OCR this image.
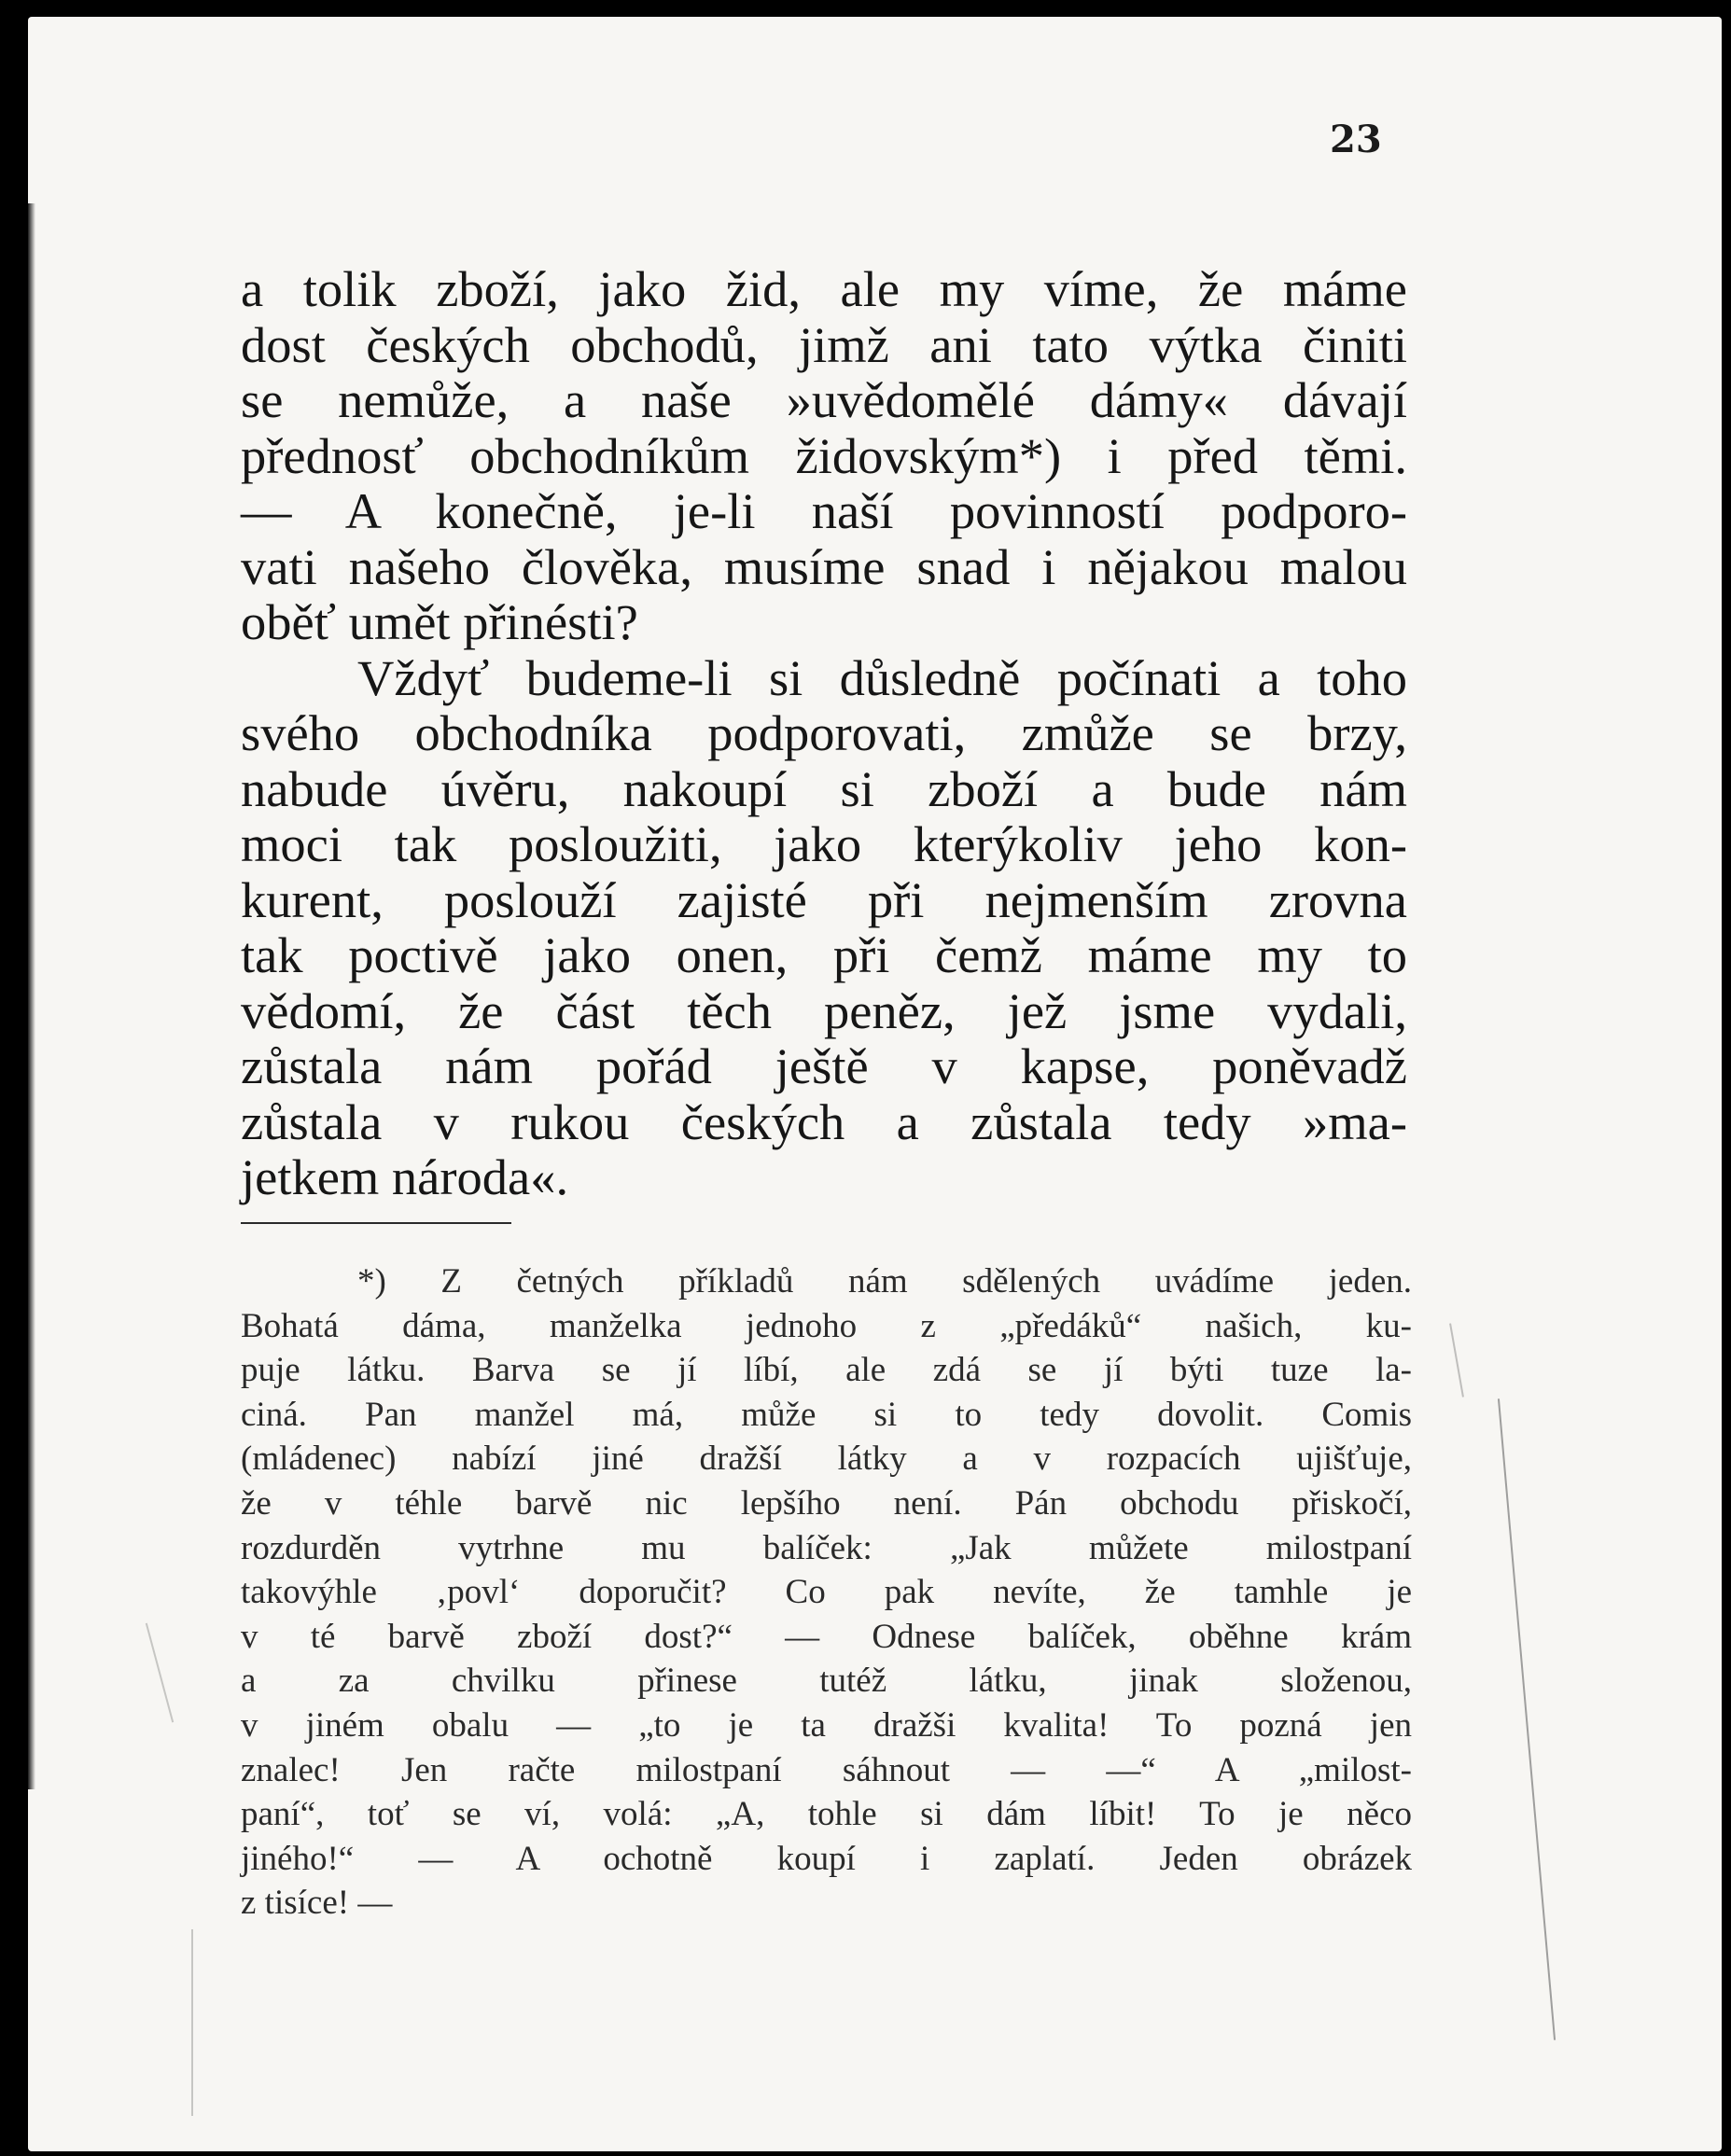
23
a tolik zboží, jako žid, ale my víme, že máme
dost českých obchodů, jimž ani tato výtka činiti
se nemůže, a naše »uvědomělé dámy« dávají
přednosť obchodníkům židovským*) i před těmi.
— A konečně, je-li naší povinností podporo-
vati našeho člověka, musíme snad i nějakou malou
oběť umět přinésti?
Vždyť budeme-li si důsledně počínati a toho
svého obchodníka podporovati, zmůže se brzy,
nabude úvěru, nakoupí si zboží a bude nám
moci tak posloužiti, jako kterýkoliv jeho kon-
kurent, poslouží zajisté při nejmenším zrovna
tak poctivě jako onen, při čemž máme my to
vědomí, že část těch peněz, jež jsme vydali,
zůstala nám pořád ještě v kapse, poněvadž
zůstala v rukou českých a zůstala tedy »ma-
jetkem národa«.
*) Z četných příkladů nám sdělených uvádíme jeden.
Bohatá dáma, manželka jednoho z „předáků“ našich, ku-
puje látku. Barva se jí líbí, ale zdá se jí býti tuze la-
ciná. Pan manžel má, může si to tedy dovolit. Comis
(mládenec) nabízí jiné dražší látky a v rozpacích ujišťuje,
že v téhle barvě nic lepšího není. Pán obchodu přiskočí,
rozdurděn vytrhne mu balíček: „Jak můžete milostpaní
takovýhle ‚povl‘ doporučit? Co pak nevíte, že tamhle je
v té barvě zboží dost?“ — Odnese balíček, oběhne krám
a za chvilku přinese tutéž látku, jinak složenou,
v jiném obalu — „to je ta dražši kvalita! To pozná jen
znalec! Jen račte milostpaní sáhnout — —“ A „milost-
paní“, toť se ví, volá: „A, tohle si dám líbit! To je něco
jiného!“ — A ochotně koupí i zaplatí. Jeden obrázek
z tisíce! —
